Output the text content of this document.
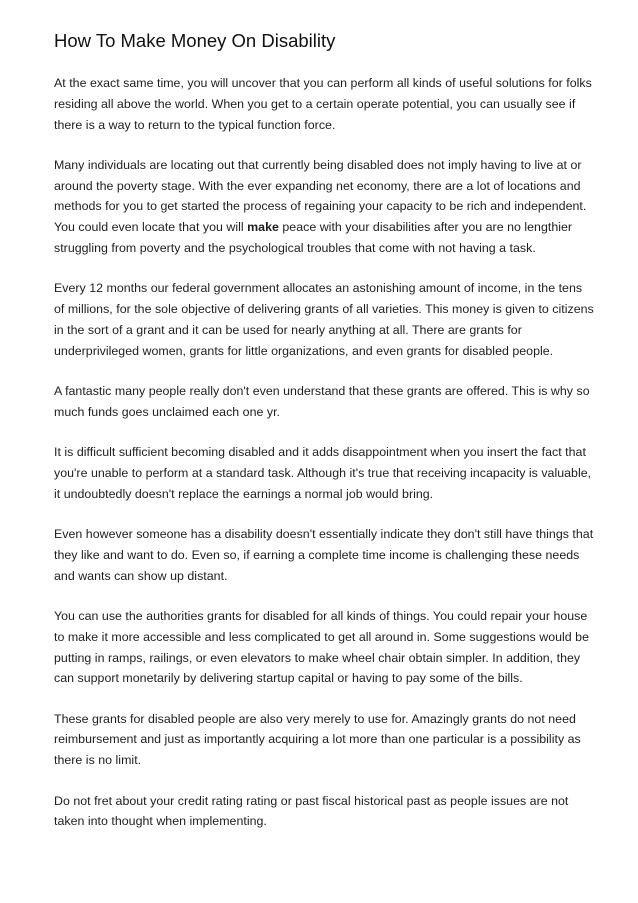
How To Make Money On Disability

At the exact same time, you will uncover that you can perform all kinds of useful solutions for folks residing all above the world. When you get to a certain operate potential, you can usually see if there is a way to return to the typical function force.

Many individuals are locating out that currently being disabled does not imply having to live at or around the poverty stage. With the ever expanding net economy, there are a lot of locations and methods for you to get started the process of regaining your capacity to be rich and independent. You could even locate that you will make peace with your disabilities after you are no lengthier struggling from poverty and the psychological troubles that come with not having a task.

Every 12 months our federal government allocates an astonishing amount of income, in the tens of millions, for the sole objective of delivering grants of all varieties. This money is given to citizens in the sort of a grant and it can be used for nearly anything at all. There are grants for underprivileged women, grants for little organizations, and even grants for disabled people.

A fantastic many people really don't even understand that these grants are offered. This is why so much funds goes unclaimed each one yr.

It is difficult sufficient becoming disabled and it adds disappointment when you insert the fact that you're unable to perform at a standard task. Although it's true that receiving incapacity is valuable, it undoubtedly doesn't replace the earnings a normal job would bring.

Even however someone has a disability doesn't essentially indicate they don't still have things that they like and want to do. Even so, if earning a complete time income is challenging these needs and wants can show up distant.

You can use the authorities grants for disabled for all kinds of things. You could repair your house to make it more accessible and less complicated to get all around in. Some suggestions would be putting in ramps, railings, or even elevators to make wheel chair obtain simpler. In addition, they can support monetarily by delivering startup capital or having to pay some of the bills.

These grants for disabled people are also very merely to use for. Amazingly grants do not need reimbursement and just as importantly acquiring a lot more than one particular is a possibility as there is no limit.

Do not fret about your credit rating rating or past fiscal historical past as people issues are not taken into thought when implementing.
